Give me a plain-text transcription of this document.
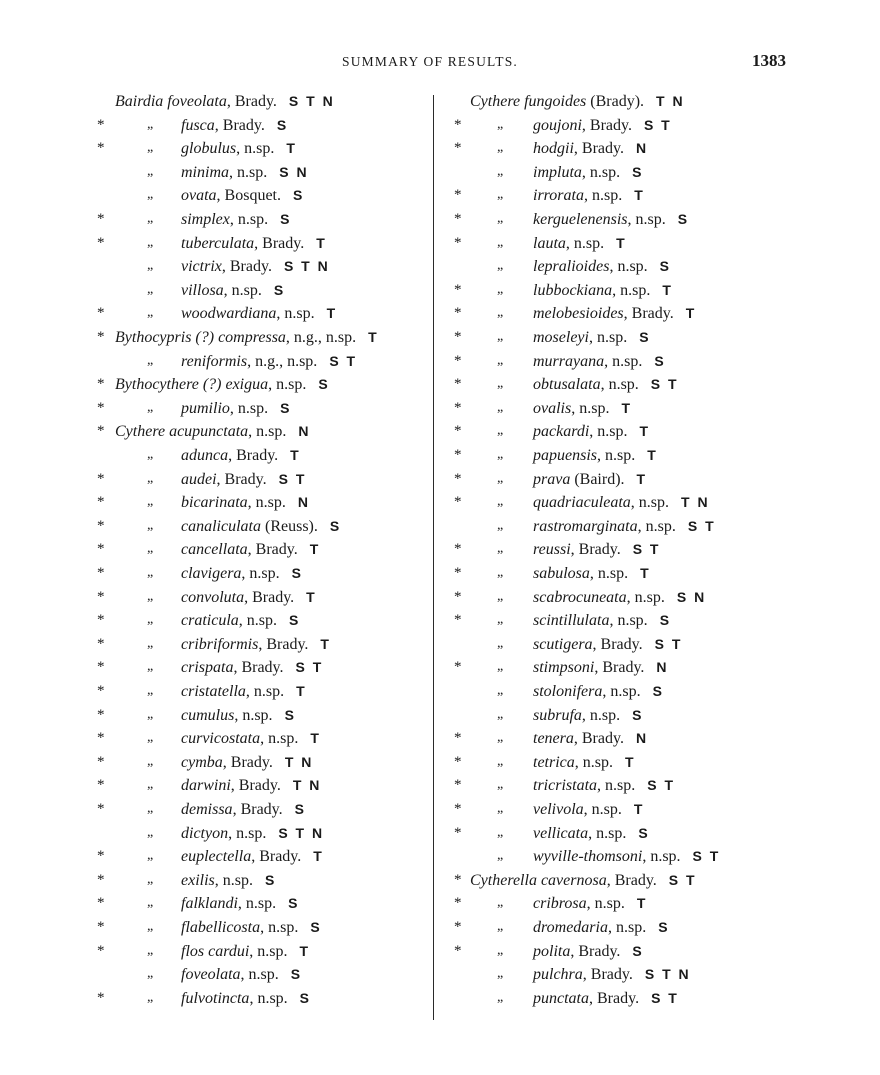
SUMMARY OF RESULTS.	1383
Bairdia foveolata, Brady. S T N
*	„ fusca, Brady. S
*	„ globulus, n.sp. T
„ minima, n.sp. S N
„ ovata, Bosquet. S
*	„ simplex, n.sp. S
*	„ tuberculata, Brady. T
„ victrix, Brady. S T N
„ villosa, n.sp. S
*	„ woodwardiana, n.sp. T
* Bythocypris (?) compressa, n.g., n.sp. T
„ reniformis, n.g., n.sp. S T
* Bythocythere (?) exigua, n.sp. S
*	„ pumilio, n.sp. S
* Cythere acupunctata, n.sp. N
„ adunca, Brady. T
*	„ audei, Brady. S T
*	„ bicarinata, n.sp. N
*	„ canaliculata (Reuss). S
*	„ cancellata, Brady. T
*	„ clavigera, n.sp. S
*	„ convoluta, Brady. T
*	„ craticula, n.sp. S
*	„ cribriformis, Brady. T
*	„ crispata, Brady. S T
*	„ cristatella, n.sp. T
*	„ cumulus, n.sp. S
*	„ curvicostata, n.sp. T
*	„ cymba, Brady. T N
*	„ darwini, Brady. T N
*	„ demissa, Brady. S
„ dictyon, n.sp. S T N
*	„ euplectella, Brady. T
*	„ exilis, n.sp. S
*	„ falklandi, n.sp. S
*	„ flabellicosta, n.sp. S
*	„ flos cardui, n.sp. T
„ foveolata, n.sp. S
*	„ fulvotincta, n.sp. S
Cythere fungoides (Brady). T N
*	„ goujoni, Brady. S T
*	„ hodgii, Brady. N
„ impluta, n.sp. S
*	„ irrorata, n.sp. T
*	„ kerguelenensis, n.sp. S
*	„ lauta, n.sp. T
„ lepralioides, n.sp. S
*	„ lubbockiana, n.sp. T
*	„ melobesioides, Brady. T
*	„ moseleyi, n.sp. S
*	„ murrayana, n.sp. S
*	„ obtusalata, n.sp. S T
*	„ ovalis, n.sp. T
*	„ packardi, n.sp. T
*	„ papuensis, n.sp. T
*	„ prava (Baird). T
*	„ quadriaculeata, n.sp. T N
„ rastromarginata, n.sp. S T
*	„ reussi, Brady. S T
*	„ sabulosa, n.sp. T
*	„ scabrocuneata, n.sp. S N
*	„ scintillulata, n.sp. S
„ scutigera, Brady. S T
*	„ stimpsoni, Brady. N
„ stolonifera, n.sp. S
„ subrufa, n.sp. S
*	„ tenera, Brady. N
*	„ tetrica, n.sp. T
*	„ tricristata, n.sp. S T
*	„ velivola, n.sp. T
*	„ vellicata, n.sp. S
„ wyville-thomsoni, n.sp. S T
* Cytherella cavernosa, Brady. S T
*	„ cribrosa, n.sp. T
*	„ dromedaria, n.sp. S
*	„ polita, Brady. S
„ pulchra, Brady. S T N
„ punctata, Brady. S T
